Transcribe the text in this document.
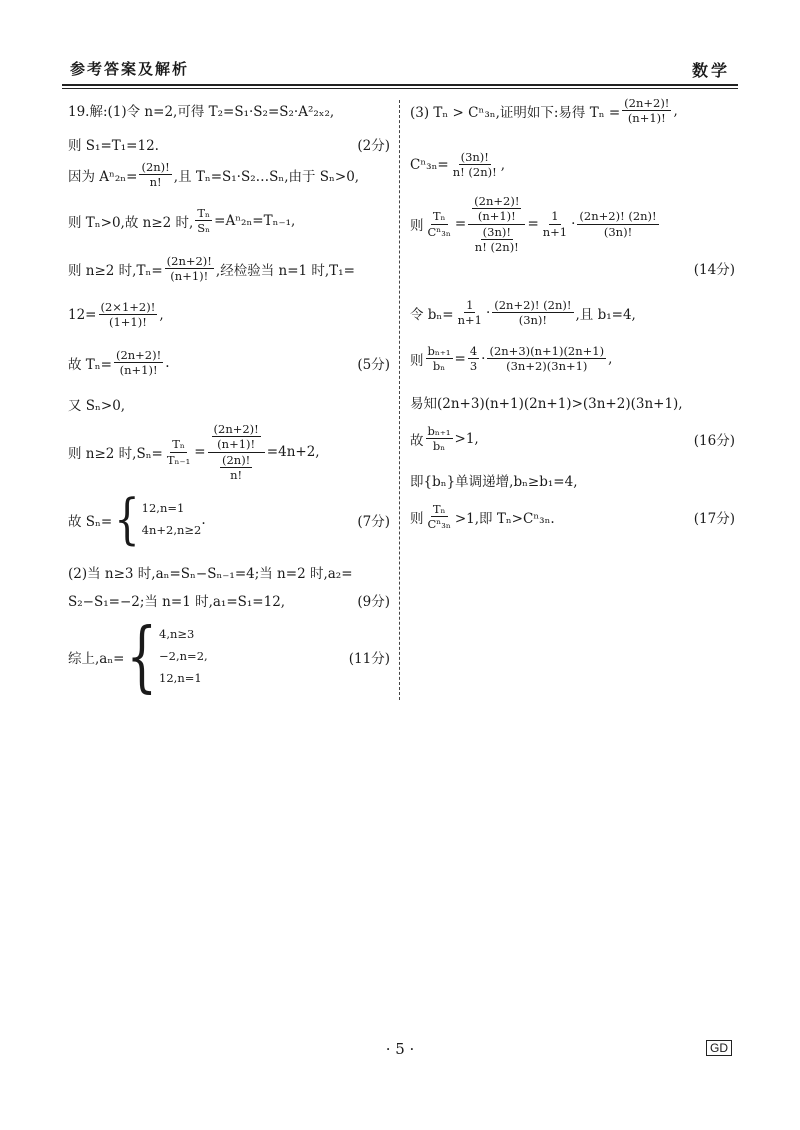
参考答案及解析	数学
19.解:(1)令 n=2,可得 T₂=S₁·S₂=S₂·A²₂ₓ₂,
则 S₁=T₁=12.	(2分)
因为 $A^n_{2n}= \frac{(2n)!}{n!}$ ,且 Tₙ=S₁·S₂…Sₙ,由于 Sₙ>0,
则 Tₙ>0,故 n≥2 时, $\frac{\text{Tₙ}}{\text{Sₙ}} =A^n_{2n}=T_{n-1}$,
则 n≥2 时$,T_n= \frac{(2n+2)!}{(n+1)!}$ ,经检验当 n=1 时,T₁=
$12= \frac{(2\times 1+2)!}{(1+1)!}$ ,
故 $T_n= \frac{(2n+2)!}{(n+1)!}$ .	(5分)
又 Sₙ>0,
则 n≥2 时$,S_n= \frac{\text{Tₙ}}{\text{Tₙ₋₁}} = \frac{\frac{(2n+2)!}{(n+1)!}}{\frac{(2n)!}{n!}} =4n+2$,
故 Sₙ= { 12,n=1
4n+2,n≥2
.	(7分)
(2)当 n≥3 时,aₙ=Sₙ−Sₙ₋₁=4;当 n=2 时,a₂=
S₂−S₁=−2;当 n=1 时,a₁=S₁=12,	(9分)
综上,aₙ= { 4,n≥3
−2,n=2,
12,n=1
(11分)
(3) Tₙ > Cⁿ₃ₙ,证明如下:易得 $T_n = \frac{(2n+2)!}{(n+1)!}$ ,
$C^n_{3n}= \frac{(3n)!}{n! (2n)!}$ ,
则 $\frac{\text{Tₙ}}{\text{Cⁿ₃ₙ}} = \frac{\frac{(2n+2)!}{(n+1)!}}{\frac{(3n)!}{n! (2n)!}} = \frac{1}{n+1} \cdot \frac{(2n+2)! (2n)!}{(3n)!}$
(14分)
令 $b_n= \frac{1}{n+1} \cdot \frac{(2n+2)! (2n)!}{(3n)!}$ ,且 b₁=4,
则 $\frac{\text{bₙ₊₁}}{\text{bₙ}} = \frac{4}{3} \cdot \frac{(2n+3)(n+1)(2n+1)}{(3n+2)(3n+1)}$ ,
易知(2n+3)(n+1)(2n+1)>(3n+2)(3n+1),
故 $\frac{\text{bₙ₊₁}}{\text{bₙ}} >1$,	(16分)
即{bₙ}单调递增,bₙ≥b₁=4,
则 $\frac{\text{Tₙ}}{\text{Cⁿ₃ₙ}} >1$,即 Tₙ>Cⁿ₃ₙ.	(17分)
· 5 ·	GD
